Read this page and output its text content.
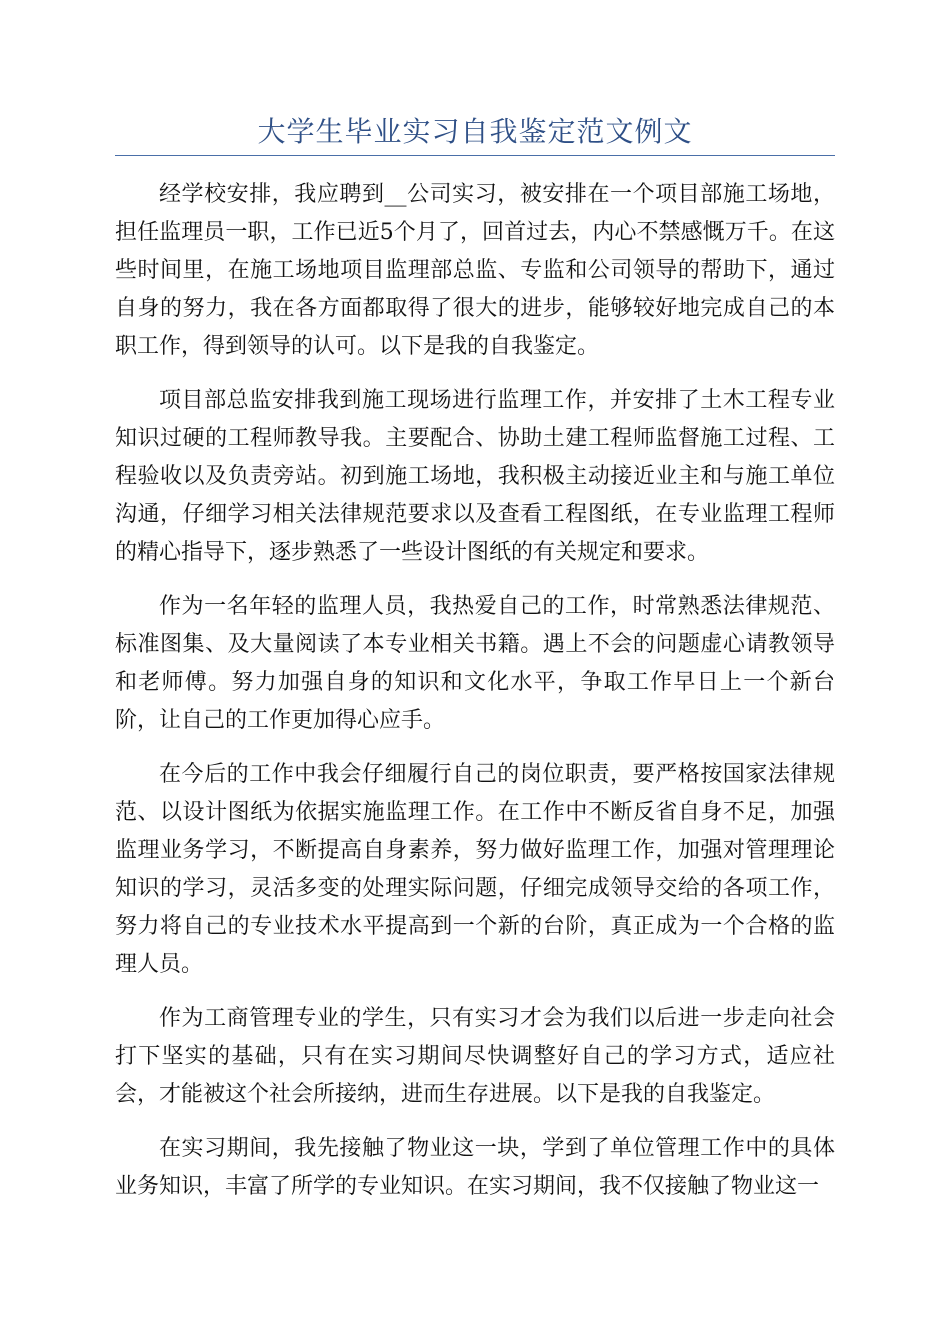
大学生毕业实习自我鉴定范文例文

经学校安排，我应聘到__公司实习，被安排在一个项目部施工场地，担任监理员一职，工作已近5个月了，回首过去，内心不禁感慨万千。在这些时间里，在施工场地项目监理部总监、专监和公司领导的帮助下，通过自身的努力，我在各方面都取得了很大的进步，能够较好地完成自己的本职工作，得到领导的认可。以下是我的自我鉴定。

项目部总监安排我到施工现场进行监理工作，并安排了土木工程专业知识过硬的工程师教导我。主要配合、协助土建工程师监督施工过程、工程验收以及负责旁站。初到施工场地，我积极主动接近业主和与施工单位沟通，仔细学习相关法律规范要求以及查看工程图纸，在专业监理工程师的精心指导下，逐步熟悉了一些设计图纸的有关规定和要求。

作为一名年轻的监理人员，我热爱自己的工作，时常熟悉法律规范、标准图集、及大量阅读了本专业相关书籍。遇上不会的问题虚心请教领导和老师傅。努力加强自身的知识和文化水平，争取工作早日上一个新台阶，让自己的工作更加得心应手。

在今后的工作中我会仔细履行自己的岗位职责，要严格按国家法律规范、以设计图纸为依据实施监理工作。在工作中不断反省自身不足，加强监理业务学习，不断提高自身素养，努力做好监理工作，加强对管理理论知识的学习，灵活多变的处理实际问题，仔细完成领导交给的各项工作，努力将自己的专业技术水平提高到一个新的台阶，真正成为一个合格的监理人员。

作为工商管理专业的学生，只有实习才会为我们以后进一步走向社会打下坚实的基础，只有在实习期间尽快调整好自己的学习方式，适应社会，才能被这个社会所接纳，进而生存进展。以下是我的自我鉴定。

在实习期间，我先接触了物业这一块，学到了单位管理工作中的具体业务知识，丰富了所学的专业知识。在实习期间，我不仅接触了物业这一
